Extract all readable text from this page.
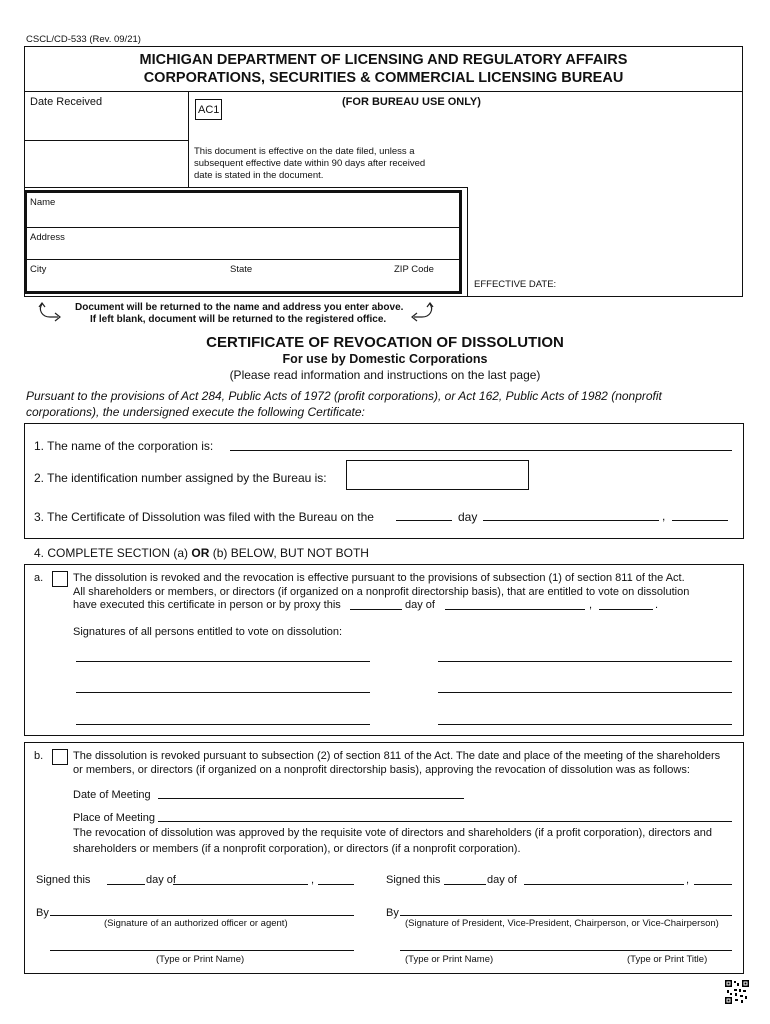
CSCL/CD-533 (Rev. 09/21)
MICHIGAN DEPARTMENT OF LICENSING AND REGULATORY AFFAIRS
CORPORATIONS, SECURITIES & COMMERCIAL LICENSING BUREAU
Date Received
AC1
(FOR BUREAU USE ONLY)
This document is effective on the date filed, unless a
subsequent effective date within 90 days after received
date is stated in the document.
EFFECTIVE DATE:
Name
Address
City	State	ZIP Code
Document will be returned to the name and address you enter above.
If left blank, document will be returned to the registered office.
CERTIFICATE OF REVOCATION OF DISSOLUTION
For use by Domestic Corporations
(Please read information and instructions on the last page)
Pursuant to the provisions of Act 284, Public Acts of 1972 (profit corporations), or Act 162, Public Acts of 1982 (nonprofit
corporations), the undersigned execute the following Certificate:
1. The name of the corporation is:
2. The identification number assigned by the Bureau is:
3. The Certificate of Dissolution was filed with the Bureau on the	day	,
4. COMPLETE SECTION (a) OR (b) BELOW, BUT NOT BOTH
a.	The dissolution is revoked and the revocation is effective pursuant to the provisions of subsection (1) of section 811 of the Act.
All shareholders or members, or directors (if organized on a nonprofit directorship basis), that are entitled to vote on dissolution
have executed this certificate in person or by proxy this	day of	,	.
Signatures of all persons entitled to vote on dissolution:
b.	The dissolution is revoked pursuant to subsection (2) of section 811 of the Act. The date and place of the meeting of the shareholders
or members, or directors (if organized on a nonprofit directorship basis), approving the revocation of dissolution was as follows:
Date of Meeting
Place of Meeting
The revocation of dissolution was approved by the requisite vote of directors and shareholders (if a profit corporation), directors and
shareholders or members (if a nonprofit corporation), or directors (if a nonprofit corporation).
Signed this	day of	,	Signed this	day of	,
By
(Signature of an authorized officer or agent)
By
(Signature of President, Vice-President, Chairperson, or Vice-Chairperson)
(Type or Print Name)	(Type or Print Name)	(Type or Print Title)
